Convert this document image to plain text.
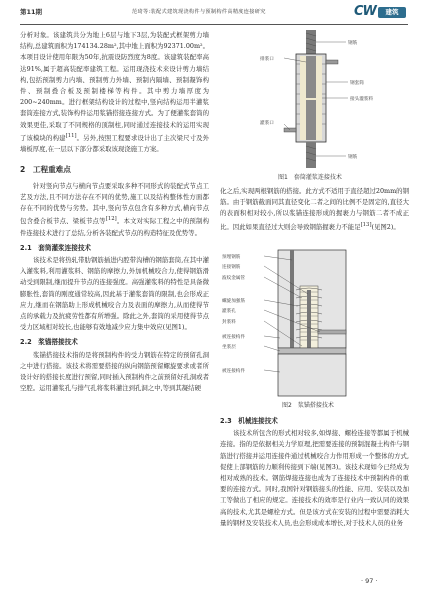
第11期	范琦等:装配式建筑现浇构件与预制构件高精度连接研究	CW	建筑

分析对象。该建筑共分为地上6层与地下3层,为装配式框架剪力墙结构,总建筑面积为174134.28m²,其中地上面积为92371.00m²。本项目设计使用年限为50年,抗震设防烈度为8度。该建筑装配率高达91%,属于超高装配率建筑工程。运用现浇技术来设计剪力墙结构,包括预制剪力内墙、预制剪力外墙、预制内隔墙、预制凝饰构件、预制叠合板及预制楼梯等构件。其中剪力墙厚度为200~240mm。进行框架结构设计的过程中,竖向结构运用半灌浆套筒连接方式,装饰构件运用浆锚搭接连接方式。为了便灌浆套筒的效果更佳,采取了不同规格的顶制柱,同时通过连接技术的运用实现了该模块的构建[11]。另外,按照工程要求设计出了主次梁尺寸及外墙板厚度,在一层以下部分都采取该现浇施工方案。

2　工程重难点

针对竖向节点与横向节点要采取多种不同形式的装配式节点工艺及方法,且不同方法存在不同的优势,施工以及结构整体性方面都存在不同的优势与劣势。其中,竖向节点包含有多种方式,横向节点包含叠合板节点、梁板节点等[12]。本文对实际工程之中的预制构件连接技术进行了总结,分析各装配式节点的构造特征及优势等。

2.1　套筒灌浆连接技术

该技术是将热轧带肋钢筋插进内腔带沟槽的钢筋套筒,在其中灌入灌浆料,利用灌浆料、钢筋的摩擦力,外加机械咬合力,使得钢筋滑动受到限制,继而提升节点的连接强度。高强灌浆料的特性是具备微膨胀性,套筒的刚度通常较高,因此基于灌浆套筒的限制,也会形成正应力,继而在钢筋助上形成机械咬合力及表面的摩擦力,从而使得节点的承载力及抗疲劳性都有所增强。除此之外,套筒的采用使得节点受力区域相对较长,也能够有效地减少应力集中效应(见图1)。

2.2　浆锚搭接技术

浆锚搭接技术指的是将预制构件的受力钢筋在特定的预留孔洞之中进行搭接。该技术将需要搭接的纵向钢筋预留螺旋要求或者所设计好的搭接长度进行预留,同时插入预制构件之前预留好孔洞或者空腔。运用灌浆孔与排气孔将浆料灌注到孔洞之中,等到其凝结硬

钢筋
排浆口
灌浆口
钢套筒
接头灌浆料
钢筋
图1　套筒灌浆连接技术

化之后,实现两根钢筋的搭接。此方式不适用于直径超过20mm的钢筋。由于钢筋截面同其直径变化二者之间的比例不是固定的,直径大的表面积相对较小,所以浆锚连接形成的握裹力与钢筋二者不成正比。因此如果直径过大则会导致钢筋握裹力不能足[13](见图2)。

预埋钢筋
连接钢筋
波纹金属管
螺旋加强筋
灌浆孔
封浆料
被连接构件
坐浆层
被连接构件
图2　浆锚搭接技术
2.3　机械连接技术

该技术所包含的形式相对较多,如焊接、螺栓连接等都属于机械连接。指的是依据相关力学原理,把需要连接的预制混凝土构件与钢筋进行搭接并运用连接件通过机械咬合力作用形成一个整体的方式,促使上部钢筋的力顺利传接到下端(见图3)。该技术现如今已经成为相对成熟的技术。钢筋焊接连接也成为了连接技术中预制构件的重要的连接方式。同时,我国针对钢筋接头的性能、应用、安装以及加工等做出了相应的规定。连接技术的效率是行业内一致认同的效果高的技术,尤其是螺栓方式。但是该方式在安装的过程中需要消耗大量的钢材及安装技术人员,也会形成成本增长,对于技术人员的业务

· 97 ·
